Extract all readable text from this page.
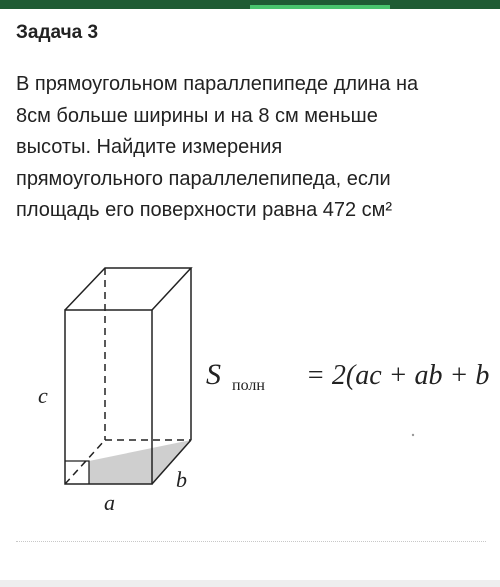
Задача 3
В прямоугольном параллепипеде длина на
8см больше ширины и на 8 см меньше
высоты. Найдите измерения
прямоугольного параллелепипеда, если
площадь его поверхности равна 472 см²
c
a
b
S полн = 2(ac + ab + b
